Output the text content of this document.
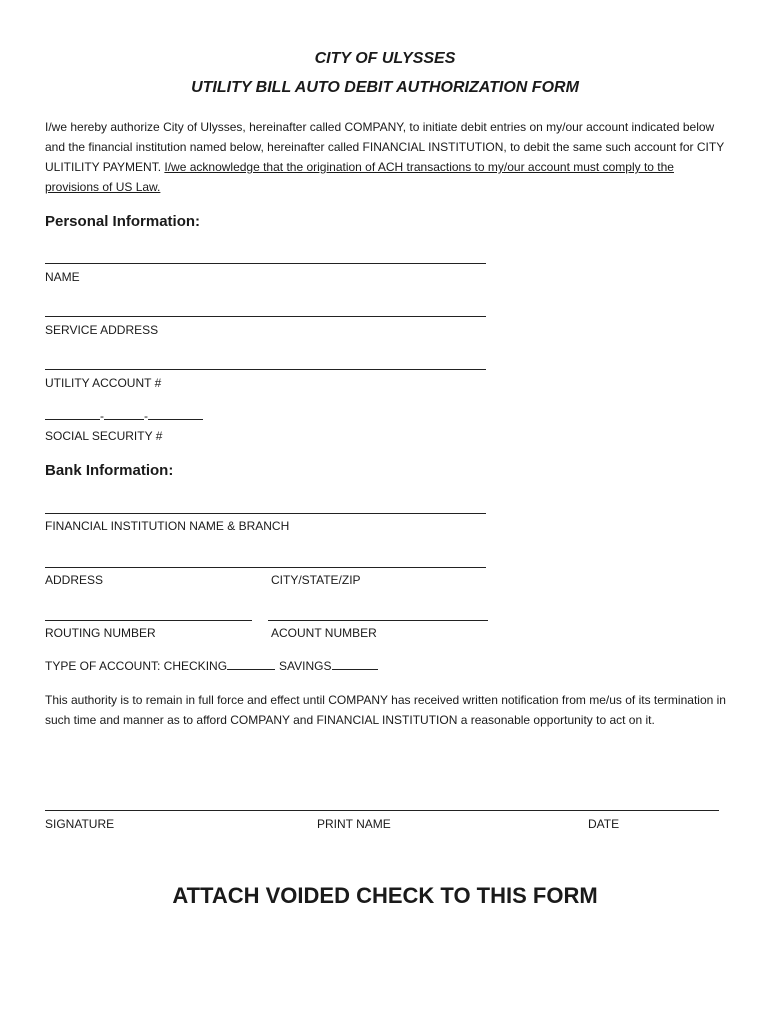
CITY OF ULYSSES
UTILITY BILL AUTO DEBIT AUTHORIZATION FORM
I/we hereby authorize City of Ulysses, hereinafter called COMPANY, to initiate debit entries on my/our account indicated below and the financial institution named below, hereinafter called FINANCIAL INSTITUTION, to debit the same such account for CITY ULITILITY PAYMENT. I/we acknowledge that the origination of ACH transactions to my/our account must comply to the provisions of US Law.
Personal Information:
NAME
SERVICE ADDRESS
UTILITY ACCOUNT #
-	-
SOCIAL SECURITY #
Bank Information:
FINANCIAL INSTITUTION NAME & BRANCH
ADDRESS	CITY/STATE/ZIP
ROUTING NUMBER	ACOUNT NUMBER
TYPE OF ACCOUNT: CHECKING	SAVINGS
This authority is to remain in full force and effect until COMPANY has received written notification from me/us of its termination in such time and manner as to afford COMPANY and FINANCIAL INSTITUTION a reasonable opportunity to act on it.
SIGNATURE	PRINT NAME	DATE
ATTACH VOIDED CHECK TO THIS FORM
